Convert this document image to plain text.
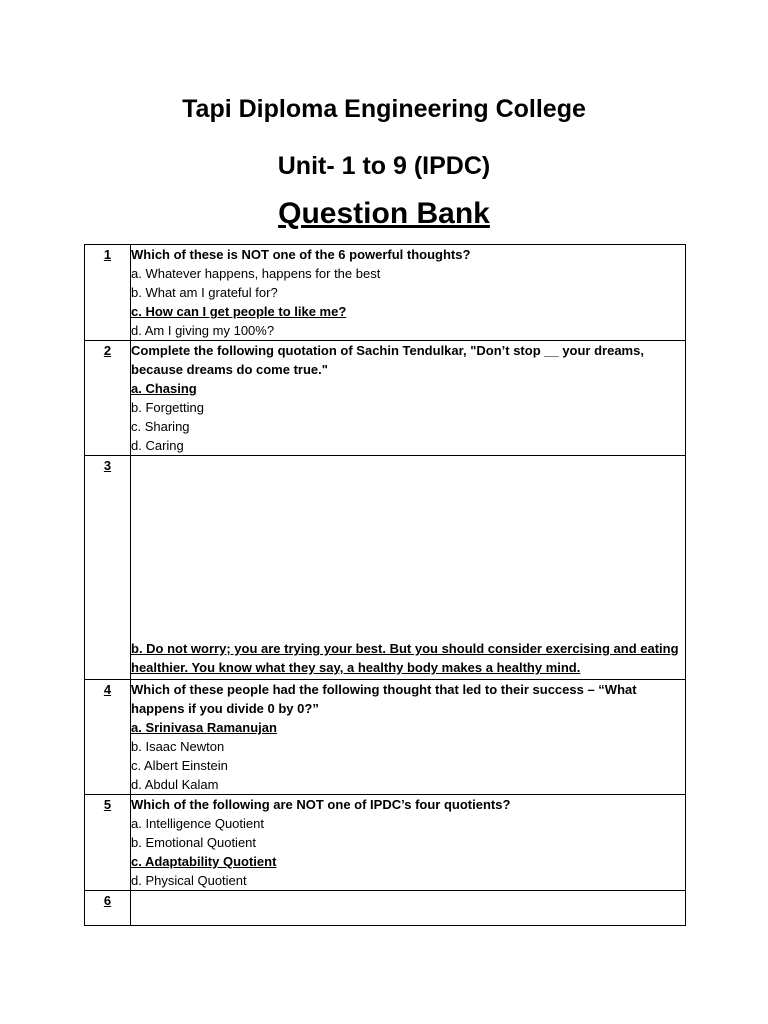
Tapi Diploma Engineering College
Unit- 1 to 9 (IPDC)
Question Bank
1	Which of these is NOT one of the 6 powerful thoughts?
a. Whatever happens, happens for the best
b. What am I grateful for?
c. How can I get people to like me?
d. Am I giving my 100%?

2	Complete the following quotation of Sachin Tendulkar, "Don’t stop __ your dreams, because dreams do come true."
a. Chasing
b. Forgetting
c. Sharing
d. Caring

3	b. Do not worry; you are trying your best. But you should consider exercising and eating healthier. You know what they say, a healthy body makes a healthy mind.

4	Which of these people had the following thought that led to their success – “What happens if you divide 0 by 0?”
a. Srinivasa Ramanujan
b. Isaac Newton
c. Albert Einstein
d. Abdul Kalam

5	Which of the following are NOT one of IPDC’s four quotients?
a. Intelligence Quotient
b. Emotional Quotient
c. Adaptability Quotient
d. Physical Quotient

6	
